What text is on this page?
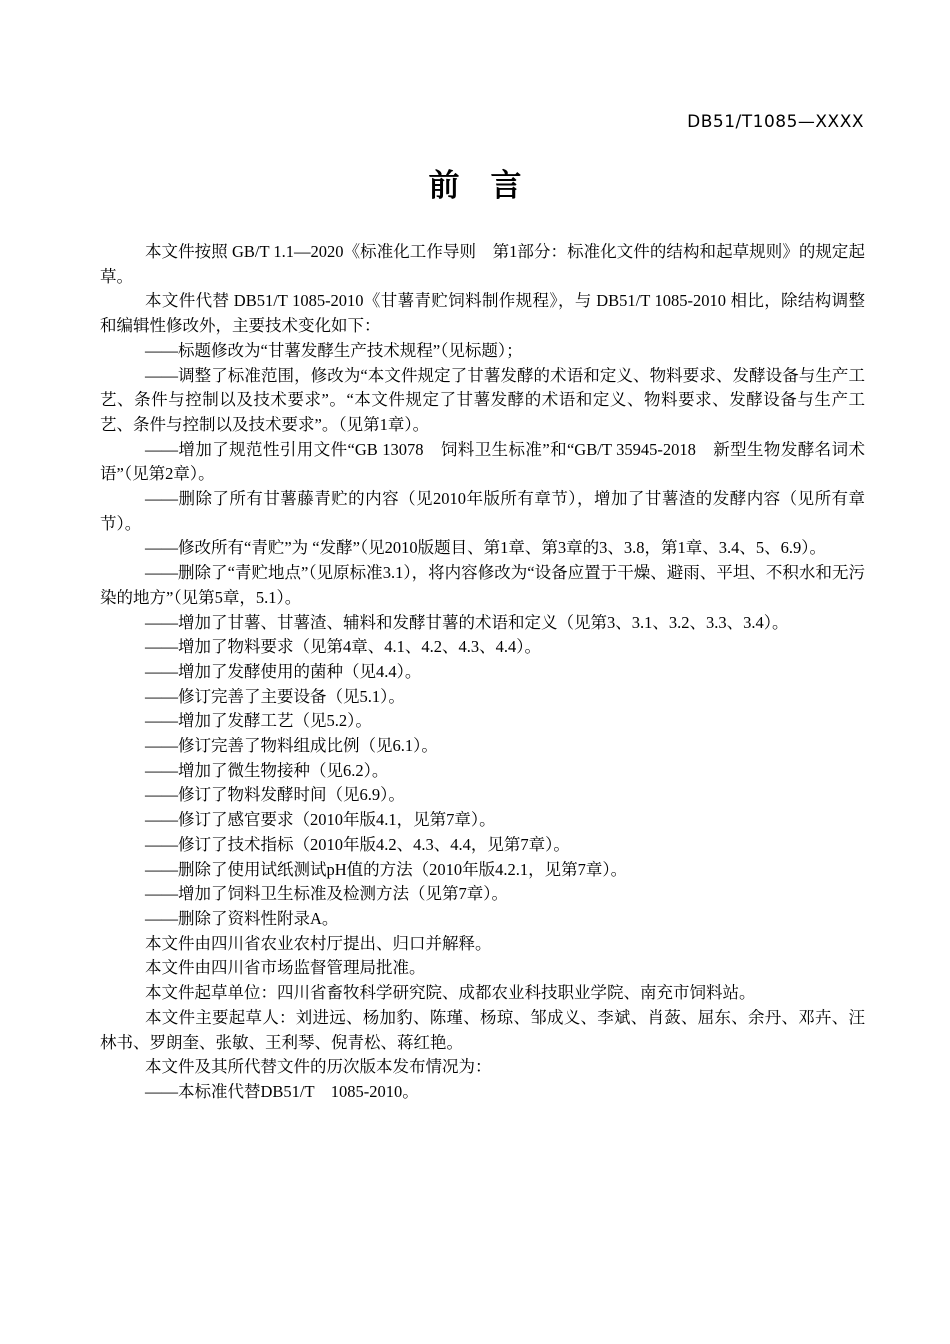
DB51/T1085—XXXX
前　言

本文件按照 GB/T 1.1—2020《标准化工作导则　第1部分：标准化文件的结构和起草规则》的规定起草。

本文件代替 DB51/T 1085-2010《甘薯青贮饲料制作规程》，与 DB51/T 1085-2010 相比，除结构调整和编辑性修改外，主要技术变化如下：

——标题修改为“甘薯发酵生产技术规程”（见标题）；

——调整了标准范围，修改为“本文件规定了甘薯发酵的术语和定义、物料要求、发酵设备与生产工艺、条件与控制以及技术要求”。“本文件规定了甘薯发酵的术语和定义、物料要求、发酵设备与生产工艺、条件与控制以及技术要求”。（见第1章）。

——增加了规范性引用文件“GB 13078　饲料卫生标准”和“GB/T 35945-2018　新型生物发酵名词术语”（见第2章）。

——删除了所有甘薯藤青贮的内容（见2010年版所有章节），增加了甘薯渣的发酵内容（见所有章节）。

——修改所有“青贮”为 “发酵”（见2010版题目、第1章、第3章的3、3.8，第1章、3.4、5、6.9）。

——删除了“青贮地点”（见原标准3.1），将内容修改为“设备应置于干燥、避雨、平坦、不积水和无污染的地方”（见第5章，5.1）。

——增加了甘薯、甘薯渣、辅料和发酵甘薯的术语和定义（见第3、3.1、3.2、3.3、3.4）。

——增加了物料要求（见第4章、4.1、4.2、4.3、4.4）。

——增加了发酵使用的菌种（见4.4）。

——修订完善了主要设备（见5.1）。

——增加了发酵工艺（见5.2）。

——修订完善了物料组成比例（见6.1）。

——增加了微生物接种（见6.2）。

——修订了物料发酵时间（见6.9）。

——修订了感官要求（2010年版4.1，见第7章）。

——修订了技术指标（2010年版4.2、4.3、4.4，见第7章）。

——删除了使用试纸测试pH值的方法（2010年版4.2.1，见第7章）。

——增加了饲料卫生标准及检测方法（见第7章）。

——删除了资料性附录A。

本文件由四川省农业农村厅提出、归口并解释。

本文件由四川省市场监督管理局批准。

本文件起草单位：四川省畜牧科学研究院、成都农业科技职业学院、南充市饲料站。

本文件主要起草人：刘进远、杨加豹、陈瑾、杨琼、邹成义、李斌、肖蔹、屈东、余丹、邓卉、汪林书、罗朗奎、张敏、王利琴、倪青松、蒋红艳。

本文件及其所代替文件的历次版本发布情况为：

——本标准代替DB51/T　1085-2010。
